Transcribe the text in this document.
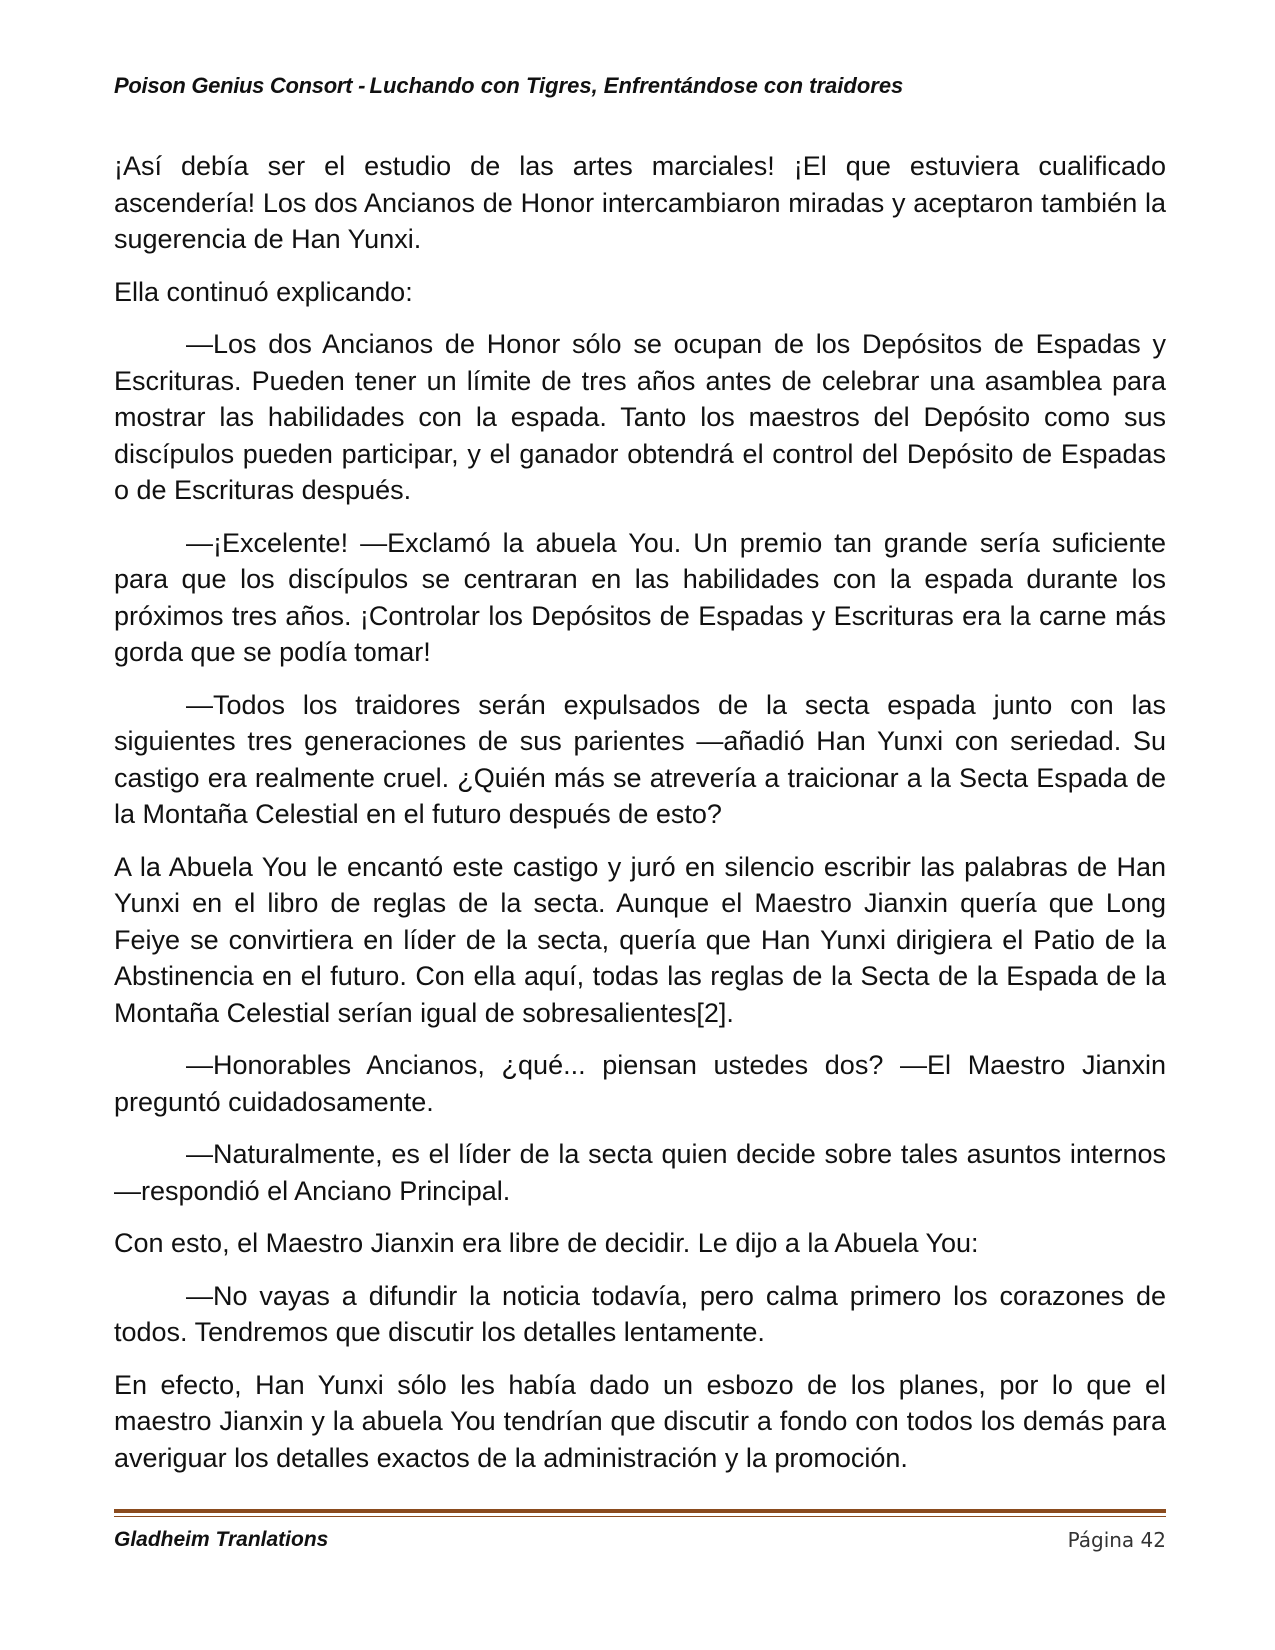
Poison Genius Consort - Luchando con Tigres, Enfrentándose con traidores

¡Así debía ser el estudio de las artes marciales! ¡El que estuviera cualificado ascendería! Los dos Ancianos de Honor intercambiaron miradas y aceptaron también la sugerencia de Han Yunxi.

Ella continuó explicando:

—Los dos Ancianos de Honor sólo se ocupan de los Depósitos de Espadas y Escrituras. Pueden tener un límite de tres años antes de celebrar una asamblea para mostrar las habilidades con la espada. Tanto los maestros del Depósito como sus discípulos pueden participar, y el ganador obtendrá el control del Depósito de Espadas o de Escrituras después.

—¡Excelente! —Exclamó la abuela You. Un premio tan grande sería suficiente para que los discípulos se centraran en las habilidades con la espada durante los próximos tres años. ¡Controlar los Depósitos de Espadas y Escrituras era la carne más gorda que se podía tomar!

—Todos los traidores serán expulsados de la secta espada junto con las siguientes tres generaciones de sus parientes —añadió Han Yunxi con seriedad. Su castigo era realmente cruel. ¿Quién más se atrevería a traicionar a la Secta Espada de la Montaña Celestial en el futuro después de esto?

A la Abuela You le encantó este castigo y juró en silencio escribir las palabras de Han Yunxi en el libro de reglas de la secta. Aunque el Maestro Jianxin quería que Long Feiye se convirtiera en líder de la secta, quería que Han Yunxi dirigiera el Patio de la Abstinencia en el futuro. Con ella aquí, todas las reglas de la Secta de la Espada de la Montaña Celestial serían igual de sobresalientes[2].

—Honorables Ancianos, ¿qué... piensan ustedes dos? —El Maestro Jianxin preguntó cuidadosamente.

—Naturalmente, es el líder de la secta quien decide sobre tales asuntos internos —respondió el Anciano Principal.

Con esto, el Maestro Jianxin era libre de decidir. Le dijo a la Abuela You:

—No vayas a difundir la noticia todavía, pero calma primero los corazones de todos. Tendremos que discutir los detalles lentamente.

En efecto, Han Yunxi sólo les había dado un esbozo de los planes, por lo que el maestro Jianxin y la abuela You tendrían que discutir a fondo con todos los demás para averiguar los detalles exactos de la administración y la promoción.

Gladheim Tranlations	Página 42
